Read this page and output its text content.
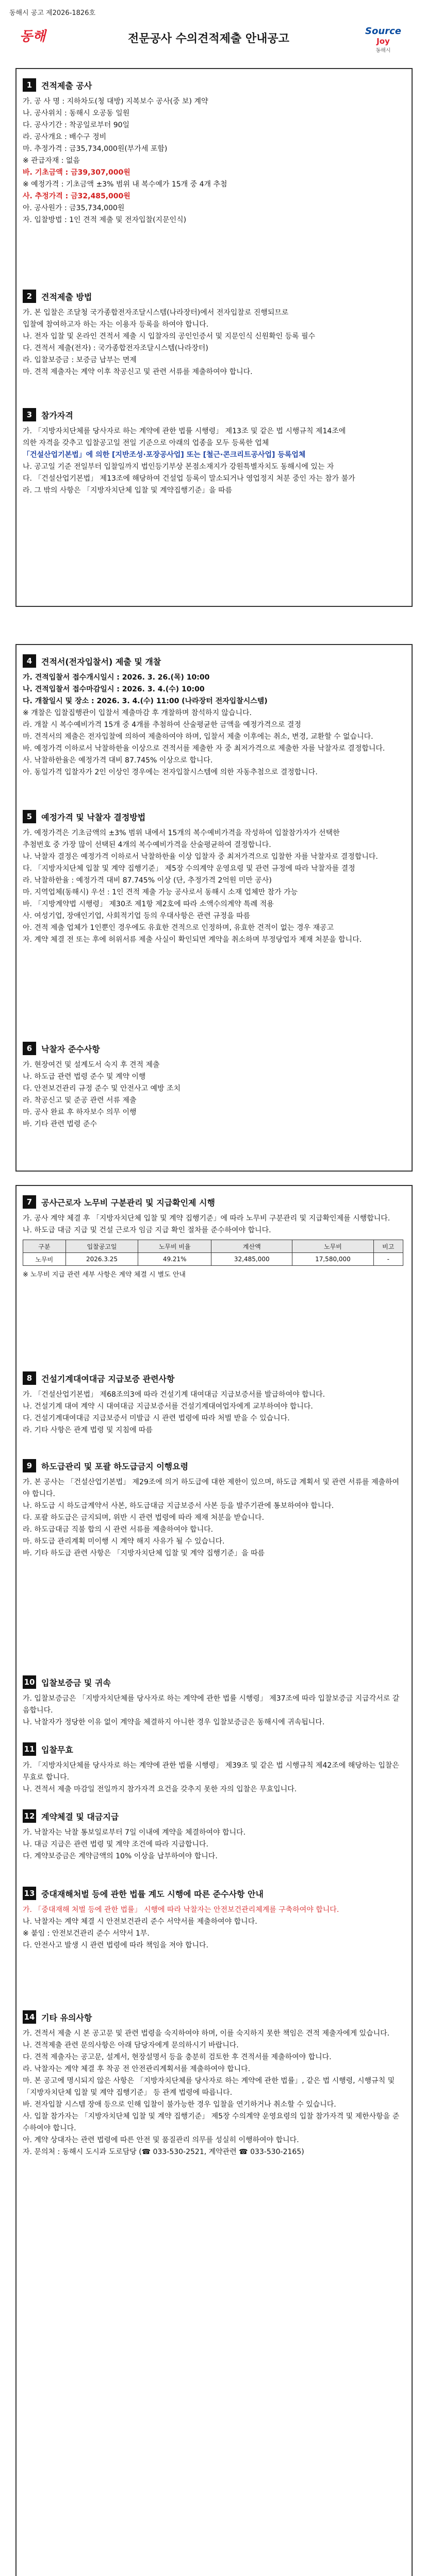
동해시 공고 제2026-1826호
동해	전문공사 수의견적제출 안내공고
Source
Joy
동해시
1	견적제출 공사
가. 공 사 명 : 지하차도(청 대방) 지복보수 공사(중 보) 계약
나. 공사위치 : 동해시 오공동 일원
다. 공사기간 : 착공일로부터 90일
라. 공사개요 : 배수구 정비
마. 추정가격 : 금35,734,000원(부가세 포함)
※ 관급자재 : 없음
바. 기초금액 : 금39,307,000원
※ 예정가격 : 기초금액 ±3% 범위 내 복수예가 15개 중 4개 추첨
사. 추정가격 : 금32,485,000원
아. 공사원가 : 금35,734,000원
자. 입찰방법 : 1인 견적 제출 및 전자입찰(지문인식)
2	견적제출 방법
가. 본 입찰은 조달청 국가종합전자조달시스템(나라장터)에서 전자입찰로 진행되므로
입찰에 참여하고자 하는 자는 이용자 등록을 하여야 합니다.
나. 전자 입찰 및 온라인 견적서 제출 시 입찰자의 공인인증서 및 지문인식 신원확인 등록 필수
다. 견적서 제출(전자) : 국가종합전자조달시스템(나라장터)
라. 입찰보증금 : 보증금 납부는 면제
마. 견적 제출자는 계약 이후 착공신고 및 관련 서류를 제출하여야 합니다.
3	참가자격
가. 「지방자치단체를 당사자로 하는 계약에 관한 법률 시행령」 제13조 및 같은 법 시행규칙 제14조에
의한 자격을 갖추고 입찰공고일 전일 기준으로 아래의 업종을 모두 등록한 업체
「건설산업기본법」에 의한 [지반조성·포장공사업] 또는 [철근·콘크리트공사업] 등록업체
나. 공고일 기준 전일부터 입찰일까지 법인등기부상 본점소재지가 강원특별자치도 동해시에 있는 자
다. 「건설산업기본법」 제13조에 해당하여 건설업 등록이 말소되거나 영업정지 처분 중인 자는 참가 불가
라. 그 밖의 사항은 「지방자치단체 입찰 및 계약집행기준」을 따름
4	견적서(전자입찰서) 제출 및 개찰
가. 견적입찰서 접수개시일시 : 2026. 3. 26.(목) 10:00
나. 견적입찰서 접수마감일시 : 2026. 3. 4.(수) 10:00
다. 개찰일시 및 장소 : 2026. 3. 4.(수) 11:00 (나라장터 전자입찰시스템)
※ 개찰은 입찰집행관이 입찰서 제출마감 후 개찰하며 참석하지 않습니다.
라. 개찰 시 복수예비가격 15개 중 4개를 추첨하여 산술평균한 금액을 예정가격으로 결정
마. 견적서의 제출은 전자입찰에 의하여 제출하여야 하며, 입찰서 제출 이후에는 취소, 변경, 교환할 수 없습니다.
바. 예정가격 이하로서 낙찰하한율 이상으로 견적서를 제출한 자 중 최저가격으로 제출한 자를 낙찰자로 결정합니다.
사. 낙찰하한율은 예정가격 대비 87.745% 이상으로 합니다.
아. 동일가격 입찰자가 2인 이상인 경우에는 전자입찰시스템에 의한 자동추첨으로 결정합니다.
5	예정가격 및 낙찰자 결정방법
가. 예정가격은 기초금액의 ±3% 범위 내에서 15개의 복수예비가격을 작성하여 입찰참가자가 선택한
추첨번호 중 가장 많이 선택된 4개의 복수예비가격을 산술평균하여 결정합니다.
나. 낙찰자 결정은 예정가격 이하로서 낙찰하한율 이상 입찰자 중 최저가격으로 입찰한 자를 낙찰자로 결정합니다.
다. 「지방자치단체 입찰 및 계약 집행기준」 제5장 수의계약 운영요령 및 관련 규정에 따라 낙찰자를 결정
라. 낙찰하한율 : 예정가격 대비 87.745% 이상 (단, 추정가격 2억원 미만 공사)
마. 지역업체(동해시) 우선 : 1인 견적 제출 가능 공사로서 동해시 소재 업체만 참가 가능
바. 「지방계약법 시행령」 제30조 제1항 제2호에 따라 소액수의계약 특례 적용
사. 여성기업, 장애인기업, 사회적기업 등의 우대사항은 관련 규정을 따름
아. 견적 제출 업체가 1인뿐인 경우에도 유효한 견적으로 인정하며, 유효한 견적이 없는 경우 재공고
자. 계약 체결 전 또는 후에 허위서류 제출 사실이 확인되면 계약을 취소하며 부정당업자 제재 처분을 합니다.
6	낙찰자 준수사항
가. 현장여건 및 설계도서 숙지 후 견적 제출
나. 하도급 관련 법령 준수 및 계약 이행
다. 안전보건관리 규정 준수 및 안전사고 예방 조치
라. 착공신고 및 준공 관련 서류 제출
마. 공사 완료 후 하자보수 의무 이행
바. 기타 관련 법령 준수
7	공사근로자 노무비 구분관리 및 지급확인제 시행
가. 공사 계약 체결 후 「지방자치단체 입찰 및 계약 집행기준」에 따라 노무비 구분관리 및 지급확인제를 시행합니다.
나. 하도급 대금 지급 및 건설 근로자 임금 지급 확인 절차를 준수하여야 합니다.
구분	입찰공고일	노무비 비율	계산액	노무비	비고
노무비	2026.3.25	49.21%	32,485,000	17,580,000	-
※ 노무비 지급 관련 세부 사항은 계약 체결 시 별도 안내
8	건설기계대여대금 지급보증 관련사항
가. 「건설산업기본법」 제68조의3에 따라 건설기계 대여대금 지급보증서를 발급하여야 합니다.
나. 건설기계 대여 계약 시 대여대금 지급보증서를 건설기계대여업자에게 교부하여야 합니다.
다. 건설기계대여대금 지급보증서 미발급 시 관련 법령에 따라 처벌 받을 수 있습니다.
라. 기타 사항은 관계 법령 및 지침에 따름
9	하도급관리 및 포괄 하도급금지 이행요령
가. 본 공사는 「건설산업기본법」 제29조에 의거 하도급에 대한 제한이 있으며, 하도급 계획서 및 관련 서류를 제출하여야 합니다.
나. 하도급 시 하도급계약서 사본, 하도급대금 지급보증서 사본 등을 발주기관에 통보하여야 합니다.
다. 포괄 하도급은 금지되며, 위반 시 관련 법령에 따라 제재 처분을 받습니다.
라. 하도급대금 직불 합의 시 관련 서류를 제출하여야 합니다.
마. 하도급 관리계획 미이행 시 계약 해지 사유가 될 수 있습니다.
바. 기타 하도급 관련 사항은 「지방자치단체 입찰 및 계약 집행기준」을 따름
10 입찰보증금 및 귀속
가. 입찰보증금은 「지방자치단체를 당사자로 하는 계약에 관한 법률 시행령」 제37조에 따라 입찰보증금 지급각서로 갈음합니다.
나. 낙찰자가 정당한 이유 없이 계약을 체결하지 아니한 경우 입찰보증금은 동해시에 귀속됩니다.
11 입찰무효
가. 「지방자치단체를 당사자로 하는 계약에 관한 법률 시행령」 제39조 및 같은 법 시행규칙 제42조에 해당하는 입찰은 무효로 합니다.
나. 견적서 제출 마감일 전일까지 참가자격 요건을 갖추지 못한 자의 입찰은 무효입니다.
12 계약체결 및 대금지급
가. 낙찰자는 낙찰 통보일로부터 7일 이내에 계약을 체결하여야 합니다.
나. 대금 지급은 관련 법령 및 계약 조건에 따라 지급합니다.
다. 계약보증금은 계약금액의 10% 이상을 납부하여야 합니다.
13 중대재해처벌 등에 관한 법률 계도 시행에 따른 준수사항 안내
가. 「중대재해 처벌 등에 관한 법률」 시행에 따라 낙찰자는 안전보건관리체계를 구축하여야 합니다.
나. 낙찰자는 계약 체결 시 안전보건관리 준수 서약서를 제출하여야 합니다.
※ 붙임 : 안전보건관리 준수 서약서 1부.
다. 안전사고 발생 시 관련 법령에 따라 책임을 져야 합니다.
14 기타 유의사항
가. 견적서 제출 시 본 공고문 및 관련 법령을 숙지하여야 하며, 이를 숙지하지 못한 책임은 견적 제출자에게 있습니다.
나. 견적제출 관련 문의사항은 아래 담당자에게 문의하시기 바랍니다.
다. 견적 제출자는 공고문, 설계서, 현장설명서 등을 충분히 검토한 후 견적서를 제출하여야 합니다.
라. 낙찰자는 계약 체결 후 착공 전 안전관리계획서를 제출하여야 합니다.
마. 본 공고에 명시되지 않은 사항은 「지방자치단체를 당사자로 하는 계약에 관한 법률」, 같은 법 시행령, 시행규칙 및 「지방자치단체 입찰 및 계약 집행기준」 등 관계 법령에 따릅니다.
바. 전자입찰 시스템 장애 등으로 인해 입찰이 불가능한 경우 입찰을 연기하거나 취소할 수 있습니다.
사. 입찰 참가자는 「지방자치단체 입찰 및 계약 집행기준」 제5장 수의계약 운영요령의 입찰 참가자격 및 제한사항을 준수하여야 합니다.
아. 계약 상대자는 관련 법령에 따른 안전 및 품질관리 의무를 성실히 이행하여야 합니다.
자. 문의처 : 동해시 도시과 도로담당 (☎ 033-530-2521, 계약관련 ☎ 033-530-2165)
